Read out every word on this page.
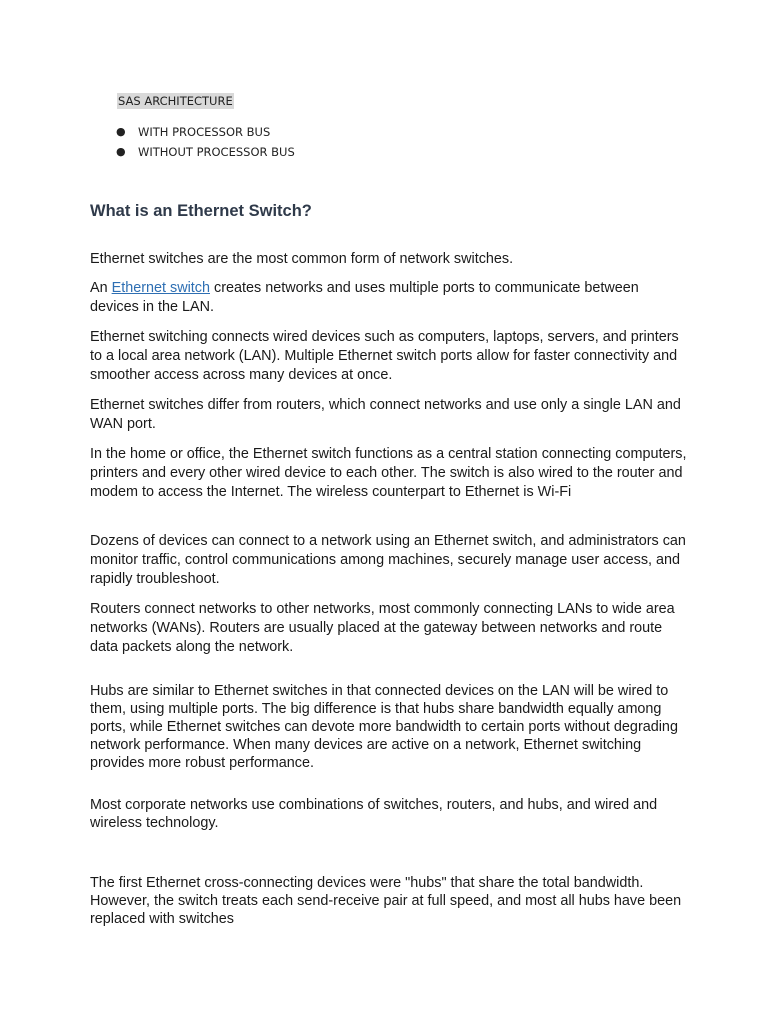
SAS ARCHITECTURE
● WITH PROCESSOR BUS
● WITHOUT PROCESSOR BUS
What is an Ethernet Switch?

Ethernet switches are the most common form of network switches.

An Ethernet switch creates networks and uses multiple ports to communicate between devices in the LAN.

Ethernet switching connects wired devices such as computers, laptops, servers, and printers to a local area network (LAN). Multiple Ethernet switch ports allow for faster connectivity and smoother access across many devices at once.

Ethernet switches differ from routers, which connect networks and use only a single LAN and WAN port.

In the home or office, the Ethernet switch functions as a central station connecting computers, printers and every other wired device to each other. The switch is also wired to the router and modem to access the Internet. The wireless counterpart to Ethernet is Wi-Fi

Dozens of devices can connect to a network using an Ethernet switch, and administrators can monitor traffic, control communications among machines, securely manage user access, and rapidly troubleshoot.

Routers connect networks to other networks, most commonly connecting LANs to wide area networks (WANs). Routers are usually placed at the gateway between networks and route data packets along the network.

Hubs are similar to Ethernet switches in that connected devices on the LAN will be wired to them, using multiple ports. The big difference is that hubs share bandwidth equally among ports, while Ethernet switches can devote more bandwidth to certain ports without degrading network performance. When many devices are active on a network, Ethernet switching provides more robust performance.

Most corporate networks use combinations of switches, routers, and hubs, and wired and wireless technology.

The first Ethernet cross-connecting devices were "hubs" that share the total bandwidth. However, the switch treats each send-receive pair at full speed, and most all hubs have been replaced with switches
